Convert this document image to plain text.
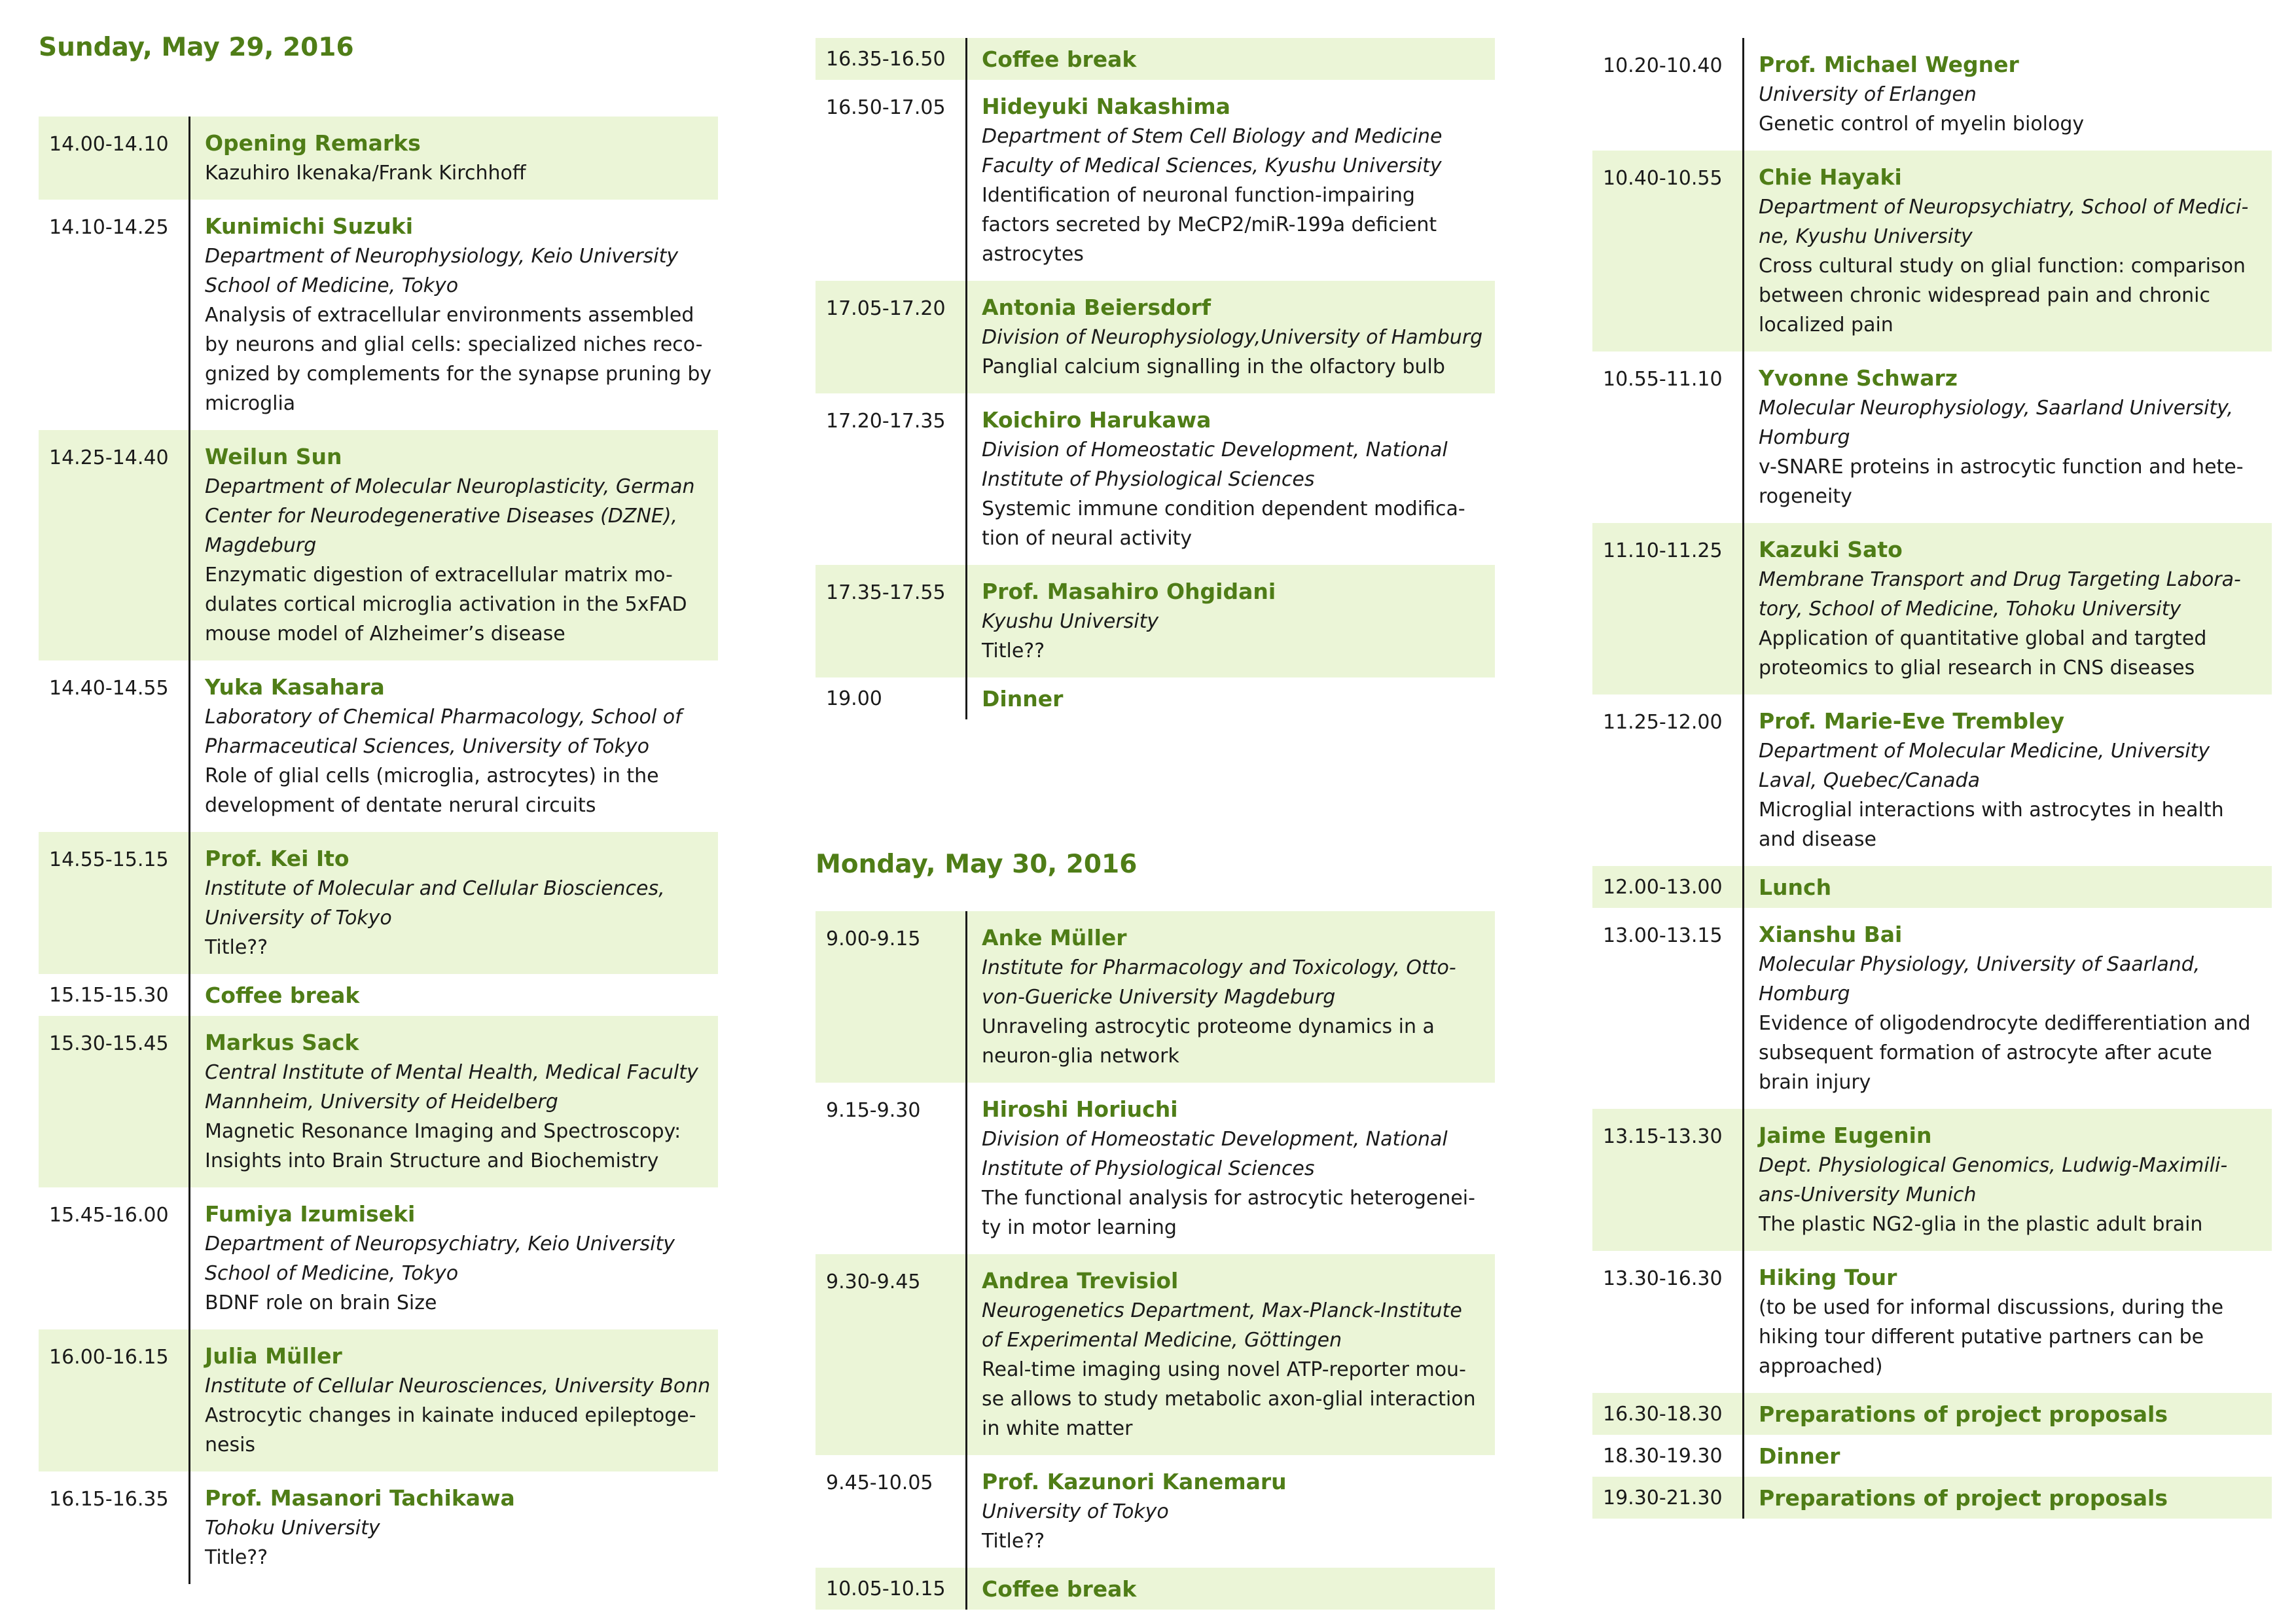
Sunday, May 29, 2016
14.00-14.10	Opening Remarks
Kazuhiro Ikenaka/Frank Kirchhoff
14.10-14.25	Kunimichi Suzuki
Department of Neurophysiology, Keio University
School of Medicine, Tokyo
Analysis of extracellular environments assembled
by neurons and glial cells: specialized niches reco-
gnized by complements for the synapse pruning by
microglia
14.25-14.40	Weilun Sun
Department of Molecular Neuroplasticity, German
Center for Neurodegenerative Diseases (DZNE),
Magdeburg
Enzymatic digestion of extracellular matrix mo-
dulates cortical microglia activation in the 5xFAD
mouse model of Alzheimer’s disease
14.40-14.55	Yuka Kasahara
Laboratory of Chemical Pharmacology, School of
Pharmaceutical Sciences, University of Tokyo
Role of glial cells (microglia, astrocytes) in the
development of dentate nerural circuits
14.55-15.15	Prof. Kei Ito
Institute of Molecular and Cellular Biosciences,
University of Tokyo
Title??
15.15-15.30	Coffee break
15.30-15.45	Markus Sack
Central Institute of Mental Health, Medical Faculty
Mannheim, University of Heidelberg
Magnetic Resonance Imaging and Spectroscopy:
Insights into Brain Structure and Biochemistry
15.45-16.00	Fumiya Izumiseki
Department of Neuropsychiatry, Keio University
School of Medicine, Tokyo
BDNF role on brain Size
16.00-16.15	Julia Müller
Institute of Cellular Neurosciences, University Bonn
Astrocytic changes in kainate induced epileptoge-
nesis
16.15-16.35	Prof. Masanori Tachikawa
Tohoku University
Title??
16.35-16.50	Coffee break
16.50-17.05	Hideyuki Nakashima
Department of Stem Cell Biology and Medicine
Faculty of Medical Sciences, Kyushu University
Identification of neuronal function-impairing
factors secreted by MeCP2/miR-199a deficient
astrocytes
17.05-17.20	Antonia Beiersdorf
Division of Neurophysiology,University of Hamburg
Panglial calcium signalling in the olfactory bulb
17.20-17.35	Koichiro Harukawa
Division of Homeostatic Development, National
Institute of Physiological Sciences
Systemic immune condition dependent modifica-
tion of neural activity
17.35-17.55	Prof. Masahiro Ohgidani
Kyushu University
Title??
19.00	Dinner
Monday, May 30, 2016
9.00-9.15	Anke Müller
Institute for Pharmacology and Toxicology, Otto-
von-Guericke University Magdeburg
Unraveling astrocytic proteome dynamics in a
neuron-glia network
9.15-9.30	Hiroshi Horiuchi
Division of Homeostatic Development, National
Institute of Physiological Sciences
The functional analysis for astrocytic heterogenei-
ty in motor learning
9.30-9.45	Andrea Trevisiol
Neurogenetics Department, Max-Planck-Institute
of Experimental Medicine, Göttingen
Real-time imaging using novel ATP-reporter mou-
se allows to study metabolic axon-glial interaction
in white matter
9.45-10.05	Prof. Kazunori Kanemaru
University of Tokyo
Title??
10.05-10.15	Coffee break
10.20-10.40	Prof. Michael Wegner
University of Erlangen
Genetic control of myelin biology
10.40-10.55	Chie Hayaki
Department of Neuropsychiatry, School of Medici-
ne, Kyushu University
Cross cultural study on glial function: comparison
between chronic widespread pain and chronic
localized pain
10.55-11.10	Yvonne Schwarz
Molecular Neurophysiology, Saarland University,
Homburg
v-SNARE proteins in astrocytic function and hete-
rogeneity
11.10-11.25	Kazuki Sato
Membrane Transport and Drug Targeting Labora-
tory, School of Medicine, Tohoku University
Application of quantitative global and targted
proteomics to glial research in CNS diseases
11.25-12.00	Prof. Marie-Eve Trembley
Department of Molecular Medicine, University
Laval, Quebec/Canada
Microglial interactions with astrocytes in health
and disease
12.00-13.00	Lunch
13.00-13.15	Xianshu Bai
Molecular Physiology, University of Saarland,
Homburg
Evidence of oligodendrocyte dedifferentiation and
subsequent formation of astrocyte after acute
brain injury
13.15-13.30	Jaime Eugenin
Dept. Physiological Genomics, Ludwig-Maximili-
ans-University Munich
The plastic NG2-glia in the plastic adult brain
13.30-16.30	Hiking Tour
(to be used for informal discussions, during the
hiking tour different putative partners can be
approached)
16.30-18.30	Preparations of project proposals
18.30-19.30	Dinner
19.30-21.30	Preparations of project proposals
